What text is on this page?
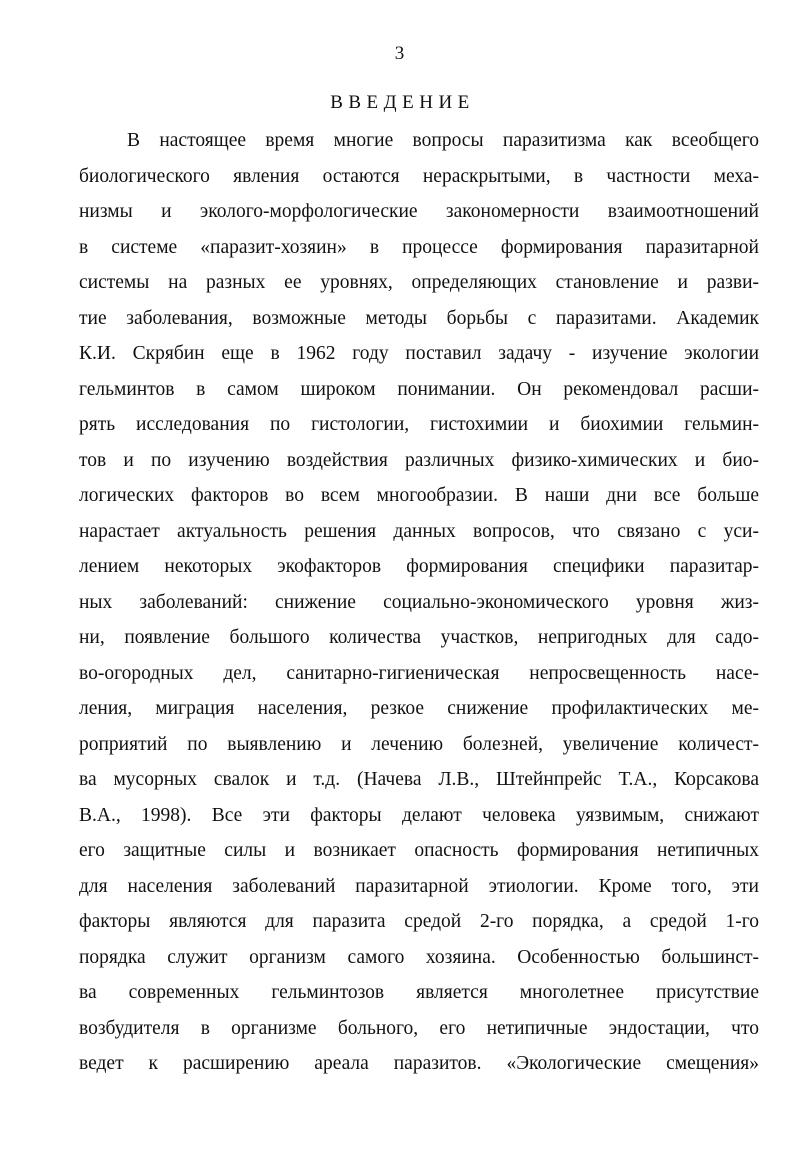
3
ВВЕДЕНИЕ
В настоящее время многие вопросы паразитизма как всеобщего
биологического явления остаются нераскрытыми, в частности меха-
низмы и эколого-морфологические закономерности взаимоотношений
в системе «паразит-хозяин» в процессе формирования паразитарной
системы на разных ее уровнях, определяющих становление и разви-
тие заболевания, возможные методы борьбы с паразитами. Академик
К.И. Скрябин еще в 1962 году поставил задачу - изучение экологии
гельминтов в самом широком понимании. Он рекомендовал расши-
рять исследования по гистологии, гистохимии и биохимии гельмин-
тов и по изучению воздействия различных физико-химических и био-
логических факторов во всем многообразии. В наши дни все больше
нарастает актуальность решения данных вопросов, что связано с уси-
лением некоторых экофакторов формирования специфики паразитар-
ных заболеваний: снижение социально-экономического уровня жиз-
ни, появление большого количества участков, непригодных для садо-
во-огородных дел, санитарно-гигиеническая непросвещенность насе-
ления, миграция населения, резкое снижение профилактических ме-
роприятий по выявлению и лечению болезней, увеличение количест-
ва мусорных свалок и т.д. (Начева Л.В., Штейнпрейс Т.А., Корсакова
В.А., 1998). Все эти факторы делают человека уязвимым, снижают
его защитные силы и возникает опасность формирования нетипичных
для населения заболеваний паразитарной этиологии. Кроме того, эти
факторы являются для паразита средой 2-го порядка, а средой 1-го
порядка служит организм самого хозяина. Особенностью большинст-
ва современных гельминтозов является многолетнее присутствие
возбудителя в организме больного, его нетипичные эндостации, что
ведет к расширению ареала паразитов. «Экологические смещения»
